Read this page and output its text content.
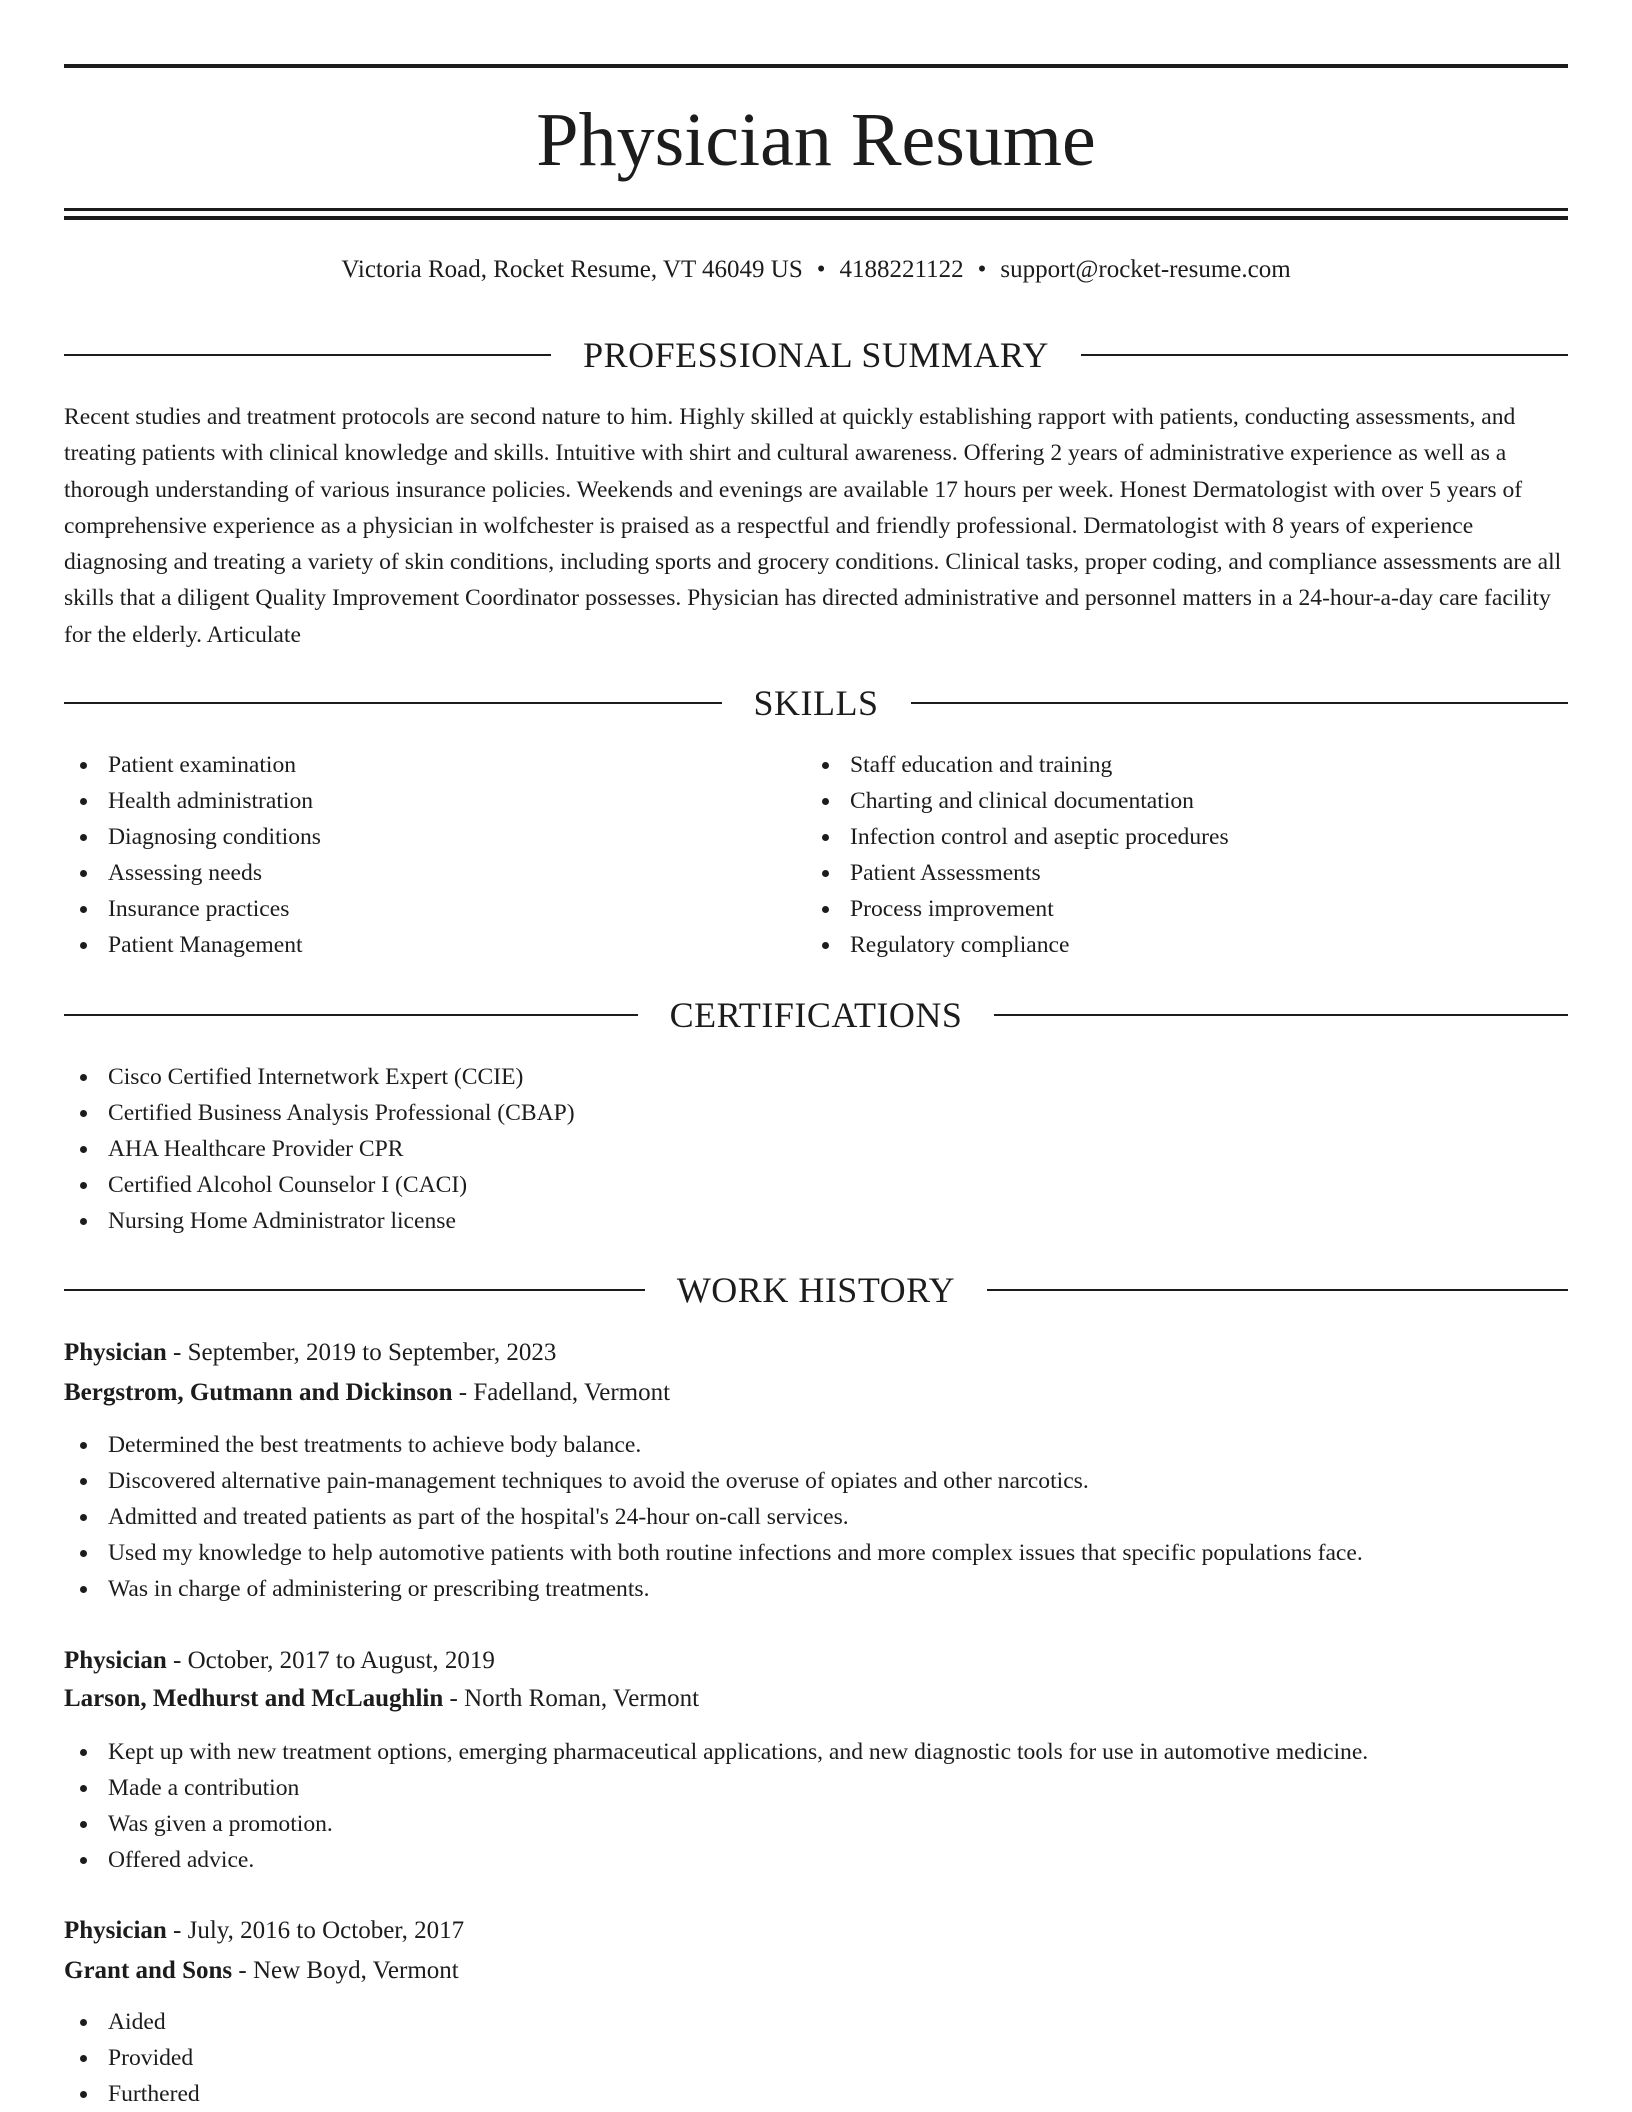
Physician Resume
Victoria Road, Rocket Resume, VT 46049 US • 4188221122 • support@rocket-resume.com
PROFESSIONAL SUMMARY

Recent studies and treatment protocols are second nature to him. Highly skilled at quickly establishing rapport with patients, conducting assessments, and treating patients with clinical knowledge and skills. Intuitive with shirt and cultural awareness. Offering 2 years of administrative experience as well as a thorough understanding of various insurance policies. Weekends and evenings are available 17 hours per week. Honest Dermatologist with over 5 years of comprehensive experience as a physician in wolfchester is praised as a respectful and friendly professional. Dermatologist with 8 years of experience diagnosing and treating a variety of skin conditions, including sports and grocery conditions. Clinical tasks, proper coding, and compliance assessments are all skills that a diligent Quality Improvement Coordinator possesses. Physician has directed administrative and personnel matters in a 24-hour-a-day care facility for the elderly. Articulate

SKILLS
Patient examination
Health administration
Diagnosing conditions
Assessing needs
Insurance practices
Patient Management
Staff education and training
Charting and clinical documentation
Infection control and aseptic procedures
Patient Assessments
Process improvement
Regulatory compliance
CERTIFICATIONS
Cisco Certified Internetwork Expert (CCIE)
Certified Business Analysis Professional (CBAP)
AHA Healthcare Provider CPR
Certified Alcohol Counselor I (CACI)
Nursing Home Administrator license
WORK HISTORY
Physician - September, 2019 to September, 2023
Bergstrom, Gutmann and Dickinson - Fadelland, Vermont
Determined the best treatments to achieve body balance.
Discovered alternative pain-management techniques to avoid the overuse of opiates and other narcotics.
Admitted and treated patients as part of the hospital's 24-hour on-call services.
Used my knowledge to help automotive patients with both routine infections and more complex issues that specific populations face.
Was in charge of administering or prescribing treatments.
Physician - October, 2017 to August, 2019
Larson, Medhurst and McLaughlin - North Roman, Vermont
Kept up with new treatment options, emerging pharmaceutical applications, and new diagnostic tools for use in automotive medicine.
Made a contribution
Was given a promotion.
Offered advice.
Physician - July, 2016 to October, 2017
Grant and Sons - New Boyd, Vermont
Aided
Provided
Furthered
